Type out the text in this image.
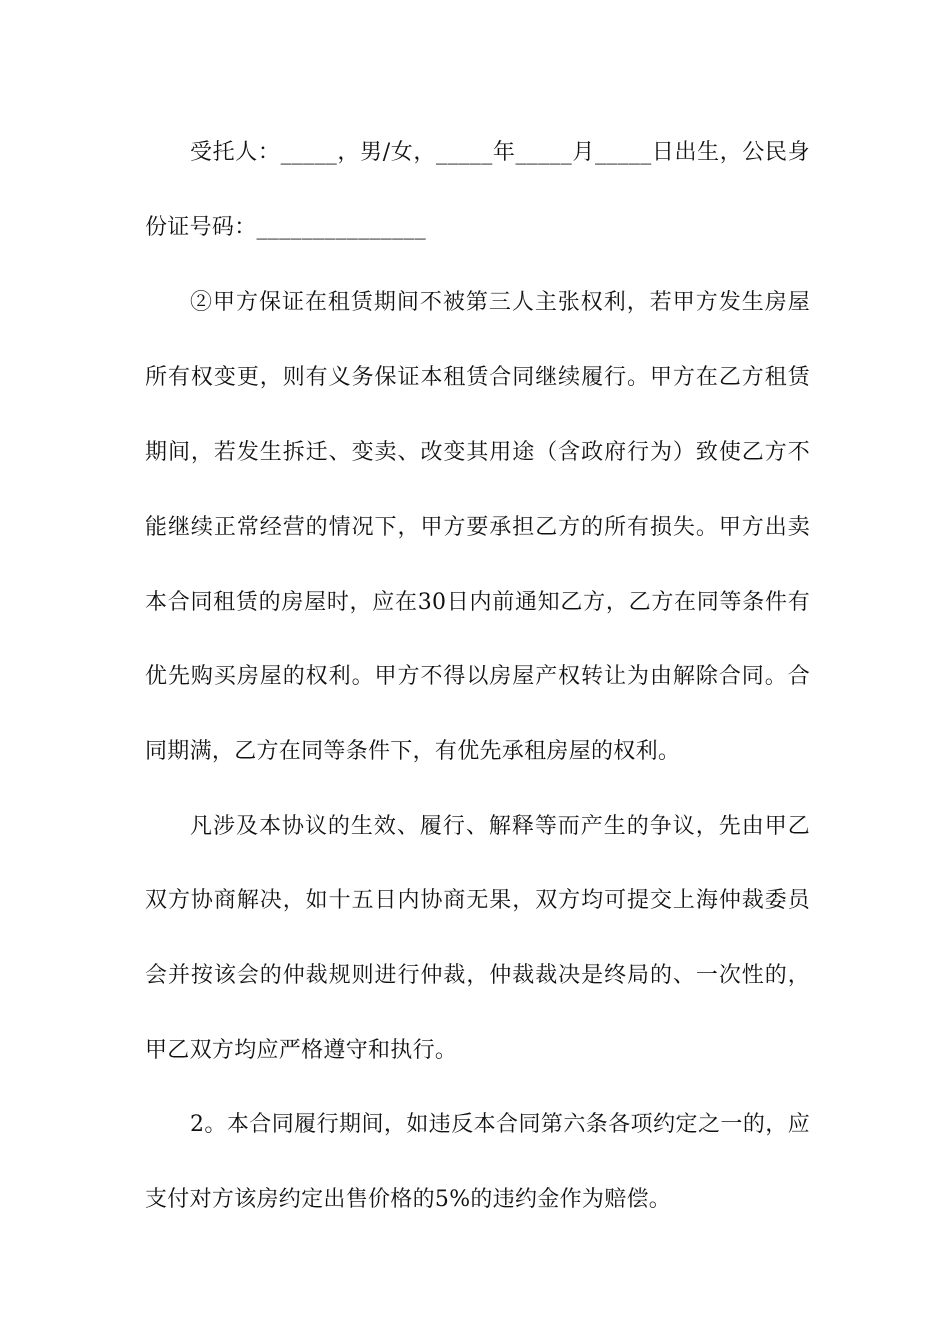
受托人：_____，男/女，_____年_____月_____日出生，公民身
份证号码：_______________
②甲方保证在租赁期间不被第三人主张权利，若甲方发生房屋
所有权变更，则有义务保证本租赁合同继续履行。甲方在乙方租赁
期间，若发生拆迁、变卖、改变其用途（含政府行为）致使乙方不
能继续正常经营的情况下，甲方要承担乙方的所有损失。甲方出卖
本合同租赁的房屋时，应在30日内前通知乙方，乙方在同等条件有
优先购买房屋的权利。甲方不得以房屋产权转让为由解除合同。合
同期满，乙方在同等条件下，有优先承租房屋的权利。
凡涉及本协议的生效、履行、解释等而产生的争议，先由甲乙
双方协商解决，如十五日内协商无果，双方均可提交上海仲裁委员
会并按该会的仲裁规则进行仲裁，仲裁裁决是终局的、一次性的，
甲乙双方均应严格遵守和执行。
2。本合同履行期间，如违反本合同第六条各项约定之一的，应
支付对方该房约定出售价格的5%的违约金作为赔偿。
